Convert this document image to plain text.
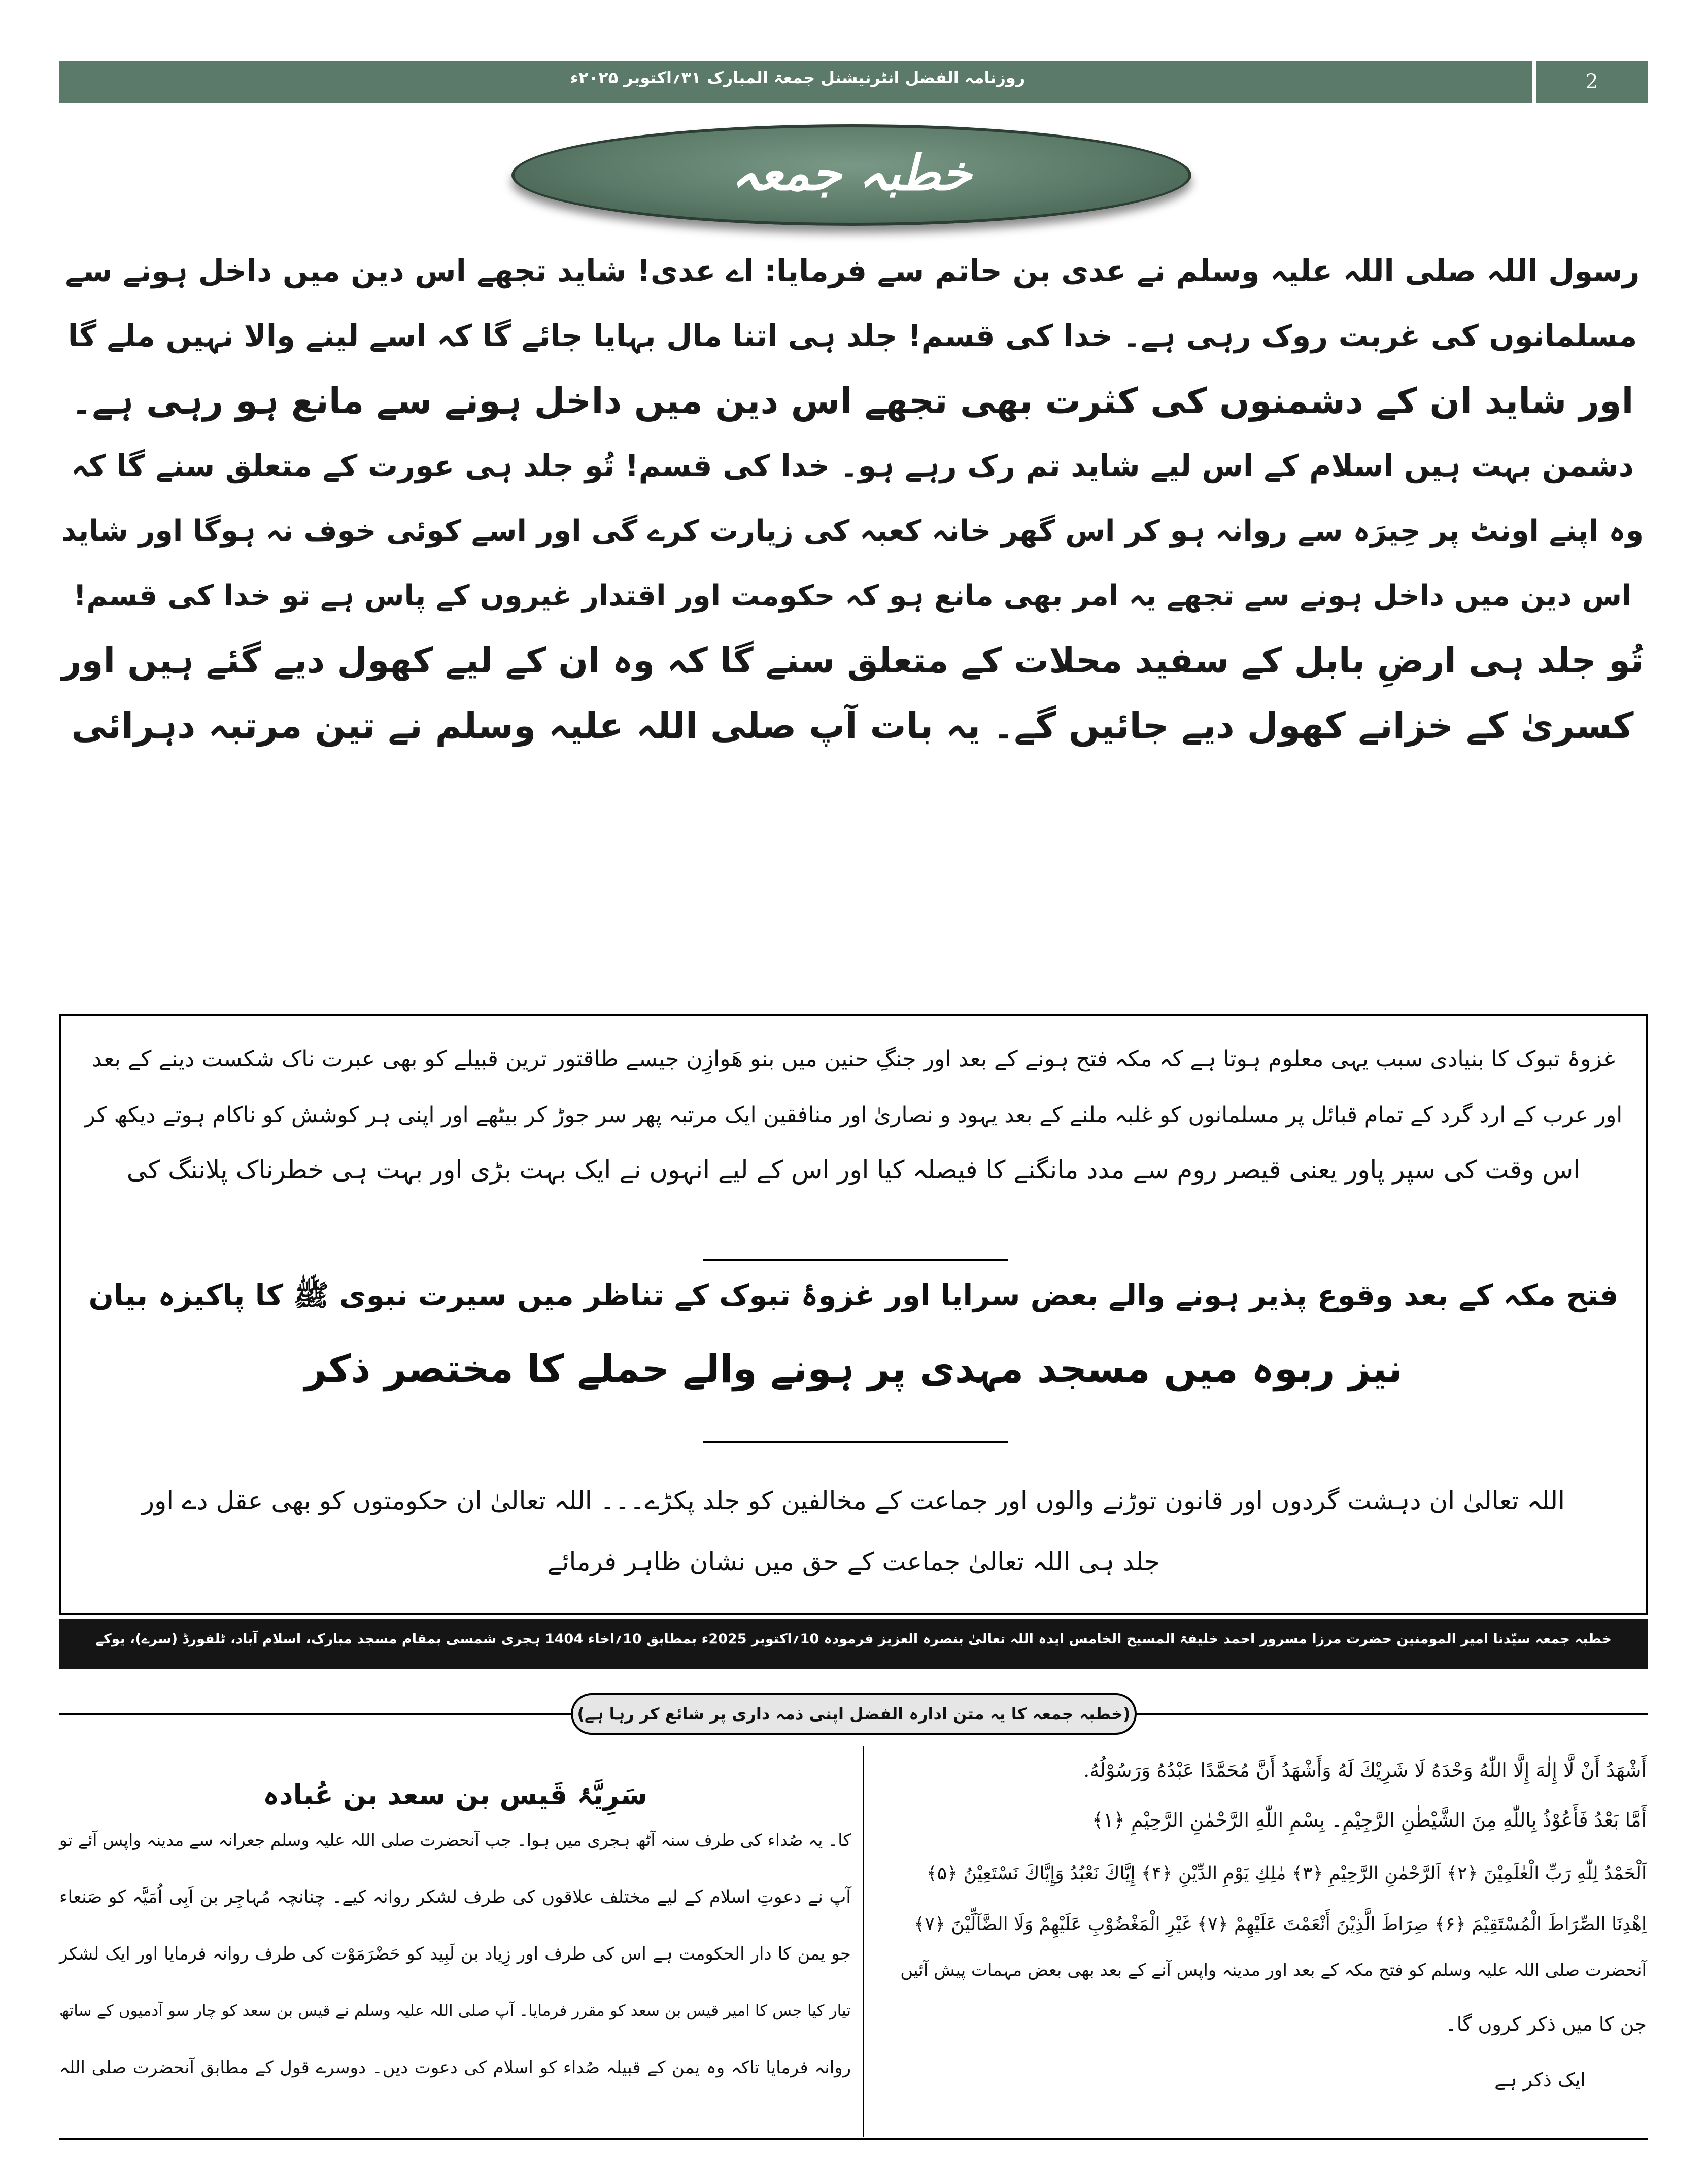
روزنامہ الفضل انٹرنیشنل جمعۃ المبارک ۳۱؍اکتوبر ۲۰۲۵ء	2
خطبہ جمعہ
رسول اللہ صلی اللہ علیہ وسلم نے عدی بن حاتم سے فرمایا: اے عدی! شاید تجھے اس دین میں داخل ہونے سے
مسلمانوں کی غربت روک رہی ہے۔ خدا کی قسم! جلد ہی اتنا مال بہایا جائے گا کہ اسے لینے والا نہیں ملے گا
اور شاید ان کے دشمنوں کی کثرت بھی تجھے اس دین میں داخل ہونے سے مانع ہو رہی ہے۔
دشمن بہت ہیں اسلام کے اس لیے شاید تم رک رہے ہو۔ خدا کی قسم! تُو جلد ہی عورت کے متعلق سنے گا کہ
وہ اپنے اونٹ پر حِیرَہ سے روانہ ہو کر اس گھر خانہ کعبہ کی زیارت کرے گی اور اسے کوئی خوف نہ ہوگا اور شاید
اس دین میں داخل ہونے سے تجھے یہ امر بھی مانع ہو کہ حکومت اور اقتدار غیروں کے پاس ہے تو خدا کی قسم!
تُو جلد ہی ارضِ بابل کے سفید محلات کے متعلق سنے گا کہ وہ ان کے لیے کھول دیے گئے ہیں اور
کسریٰ کے خزانے کھول دیے جائیں گے۔ یہ بات آپ صلی اللہ علیہ وسلم نے تین مرتبہ دہرائی
غزوۂ تبوک کا بنیادی سبب یہی معلوم ہوتا ہے کہ مکہ فتح ہونے کے بعد اور جنگِ حنین میں بنو ھَوازِن جیسے طاقتور ترین قبیلے کو بھی عبرت ناک شکست دینے کے بعد
اور عرب کے ارد گرد کے تمام قبائل پر مسلمانوں کو غلبہ ملنے کے بعد یہود و نصاریٰ اور منافقین ایک مرتبہ پھر سر جوڑ کر بیٹھے اور اپنی ہر کوشش کو ناکام ہوتے دیکھ کر
اس وقت کی سپر پاور یعنی قیصر روم سے مدد مانگنے کا فیصلہ کیا اور اس کے لیے انہوں نے ایک بہت بڑی اور بہت ہی خطرناک پلاننگ کی
فتح مکہ کے بعد وقوع پذیر ہونے والے بعض سرایا اور غزوۂ تبوک کے تناظر میں سیرت نبوی ﷺ کا پاکیزہ بیان
نیز ربوہ میں مسجد مہدی پر ہونے والے حملے کا مختصر ذکر
اللہ تعالیٰ ان دہشت گردوں اور قانون توڑنے والوں اور جماعت کے مخالفین کو جلد پکڑے۔۔۔ اللہ تعالیٰ ان حکومتوں کو بھی عقل دے اور
جلد ہی اللہ تعالیٰ جماعت کے حق میں نشان ظاہر فرمائے
خطبہ جمعہ سیّدنا امیر المومنین حضرت مرزا مسرور احمد خلیفۃ المسیح الخامس ایدہ اللہ تعالیٰ بنصرہ العزیز فرمودہ 10؍اکتوبر 2025ء بمطابق 10؍اخاء 1404 ہجری شمسی بمقام مسجد مبارک، اسلام آباد، ٹلفورڈ (سرے)، یوکے
(خطبہ جمعہ کا یہ متن ادارہ الفضل اپنی ذمہ داری پر شائع کر رہا ہے)
سَرِیَّۂ قَیس بن سعد بن عُبادہ
کا۔ یہ صُداء کی طرف سنہ آٹھ ہجری میں ہوا۔ جب آنحضرت صلی اللہ علیہ وسلم جعرانہ سے مدینہ واپس آئے تو
آپ نے دعوتِ اسلام کے لیے مختلف علاقوں کی طرف لشکر روانہ کیے۔ چنانچہ مُہاجِر بن اَبِی اُمَیَّہ کو صَنعاء
جو یمن کا دار الحکومت ہے اس کی طرف اور زِیاد بن لَبِید کو حَضْرَمَوْت کی طرف روانہ فرمایا اور ایک لشکر
تیار کیا جس کا امیر قیس بن سعد کو مقرر فرمایا۔ آپ صلی اللہ علیہ وسلم نے قیس بن سعد کو چار سو آدمیوں کے ساتھ
روانہ فرمایا تاکہ وہ یمن کے قبیلہ صُداء کو اسلام کی دعوت دیں۔ دوسرے قول کے مطابق آنحضرت صلی اللہ
أَشْهَدُ أَنْ لَّا إِلٰهَ إِلَّا اللّٰهُ وَحْدَهُ لَا شَرِيْكَ لَهُ وَأَشْهَدُ أَنَّ مُحَمَّدًا عَبْدُهُ وَرَسُوْلُهُ.
أَمَّا بَعْدُ فَأَعُوْذُ بِاللّٰهِ مِنَ الشَّيْطٰنِ الرَّجِيْمِ۔ بِسْمِ اللّٰهِ الرَّحْمٰنِ الرَّحِيْمِ ﴿۱﴾
اَلْحَمْدُ لِلّٰهِ رَبِّ الْعٰلَمِيْنَ ﴿۲﴾ اَلرَّحْمٰنِ الرَّحِيْمِ ﴿۳﴾ مٰلِكِ يَوْمِ الدِّيْنِ ﴿۴﴾ إِيَّاكَ نَعْبُدُ وَإِيَّاكَ نَسْتَعِيْنُ ﴿۵﴾
اِهْدِنَا الصِّرَاطَ الْمُسْتَقِيْمَ ﴿۶﴾ صِرَاطَ الَّذِيْنَ أَنْعَمْتَ عَلَيْهِمْ ﴿۷﴾ غَيْرِ الْمَغْضُوْبِ عَلَيْهِمْ وَلَا الضَّآلِّيْنَ ﴿۷﴾
آنحضرت صلی اللہ علیہ وسلم کو فتح مکہ کے بعد اور مدینہ واپس آنے کے بعد بھی بعض مہمات پیش آئیں
جن کا میں ذکر کروں گا۔
ایک ذکر ہے
